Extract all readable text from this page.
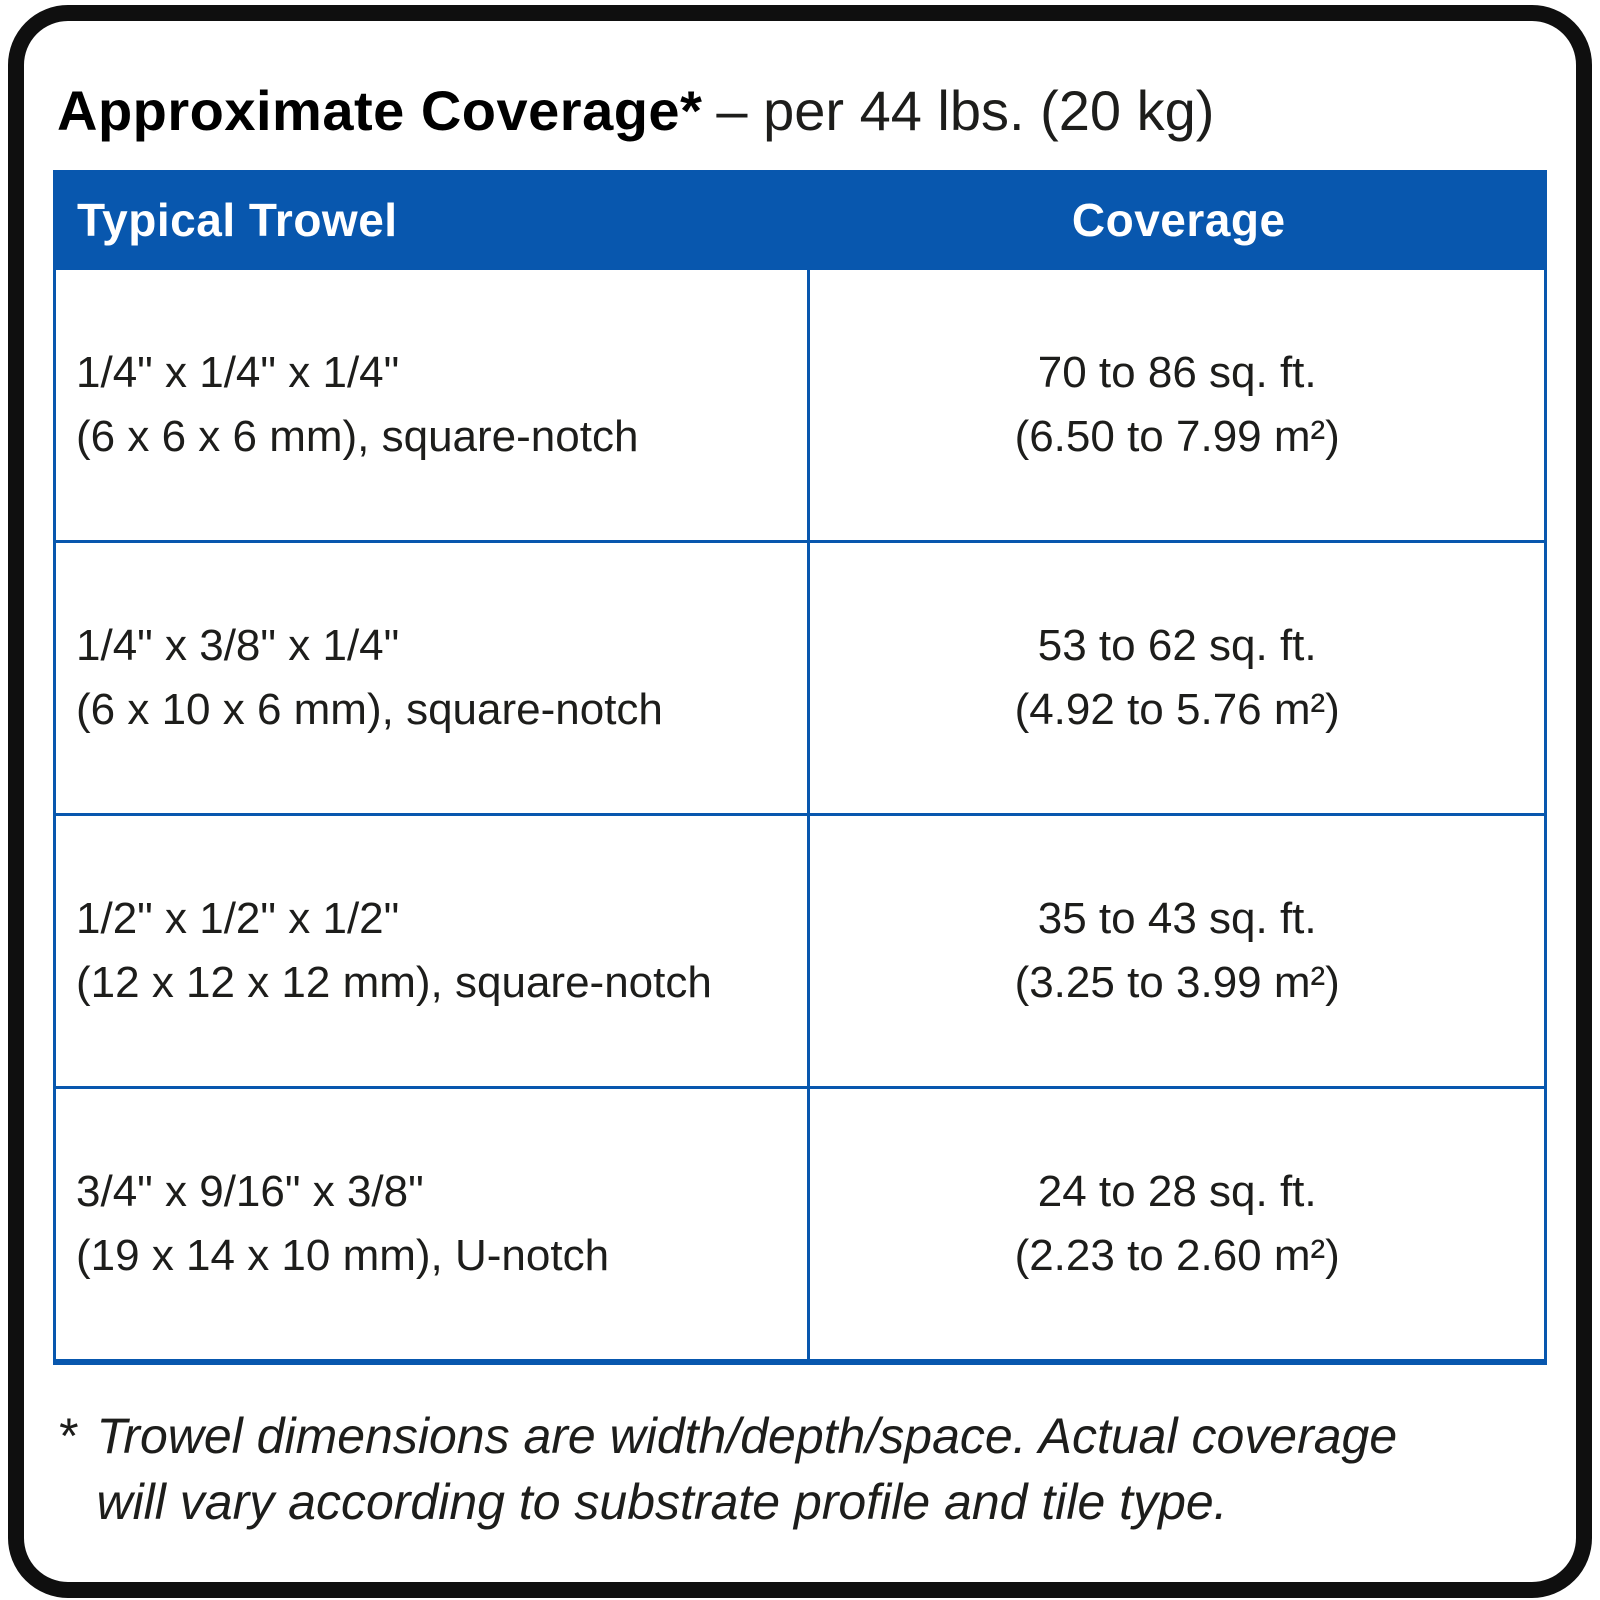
Approximate Coverage* – per 44 lbs. (20 kg)
Typical Trowel	Coverage
1/4" x 1/4" x 1/4"
(6 x 6 x 6 mm), square-notch
70 to 86 sq. ft.
(6.50 to 7.99 m²)
1/4" x 3/8" x 1/4"
(6 x 10 x 6 mm), square-notch
53 to 62 sq. ft.
(4.92 to 5.76 m²)
1/2" x 1/2" x 1/2"
(12 x 12 x 12 mm), square-notch
35 to 43 sq. ft.
(3.25 to 3.99 m²)
3/4" x 9/16" x 3/8"
(19 x 14 x 10 mm), U-notch
24 to 28 sq. ft.
(2.23 to 2.60 m²)
* Trowel dimensions are width/depth/space. Actual coverage will vary according to substrate profile and tile type.
